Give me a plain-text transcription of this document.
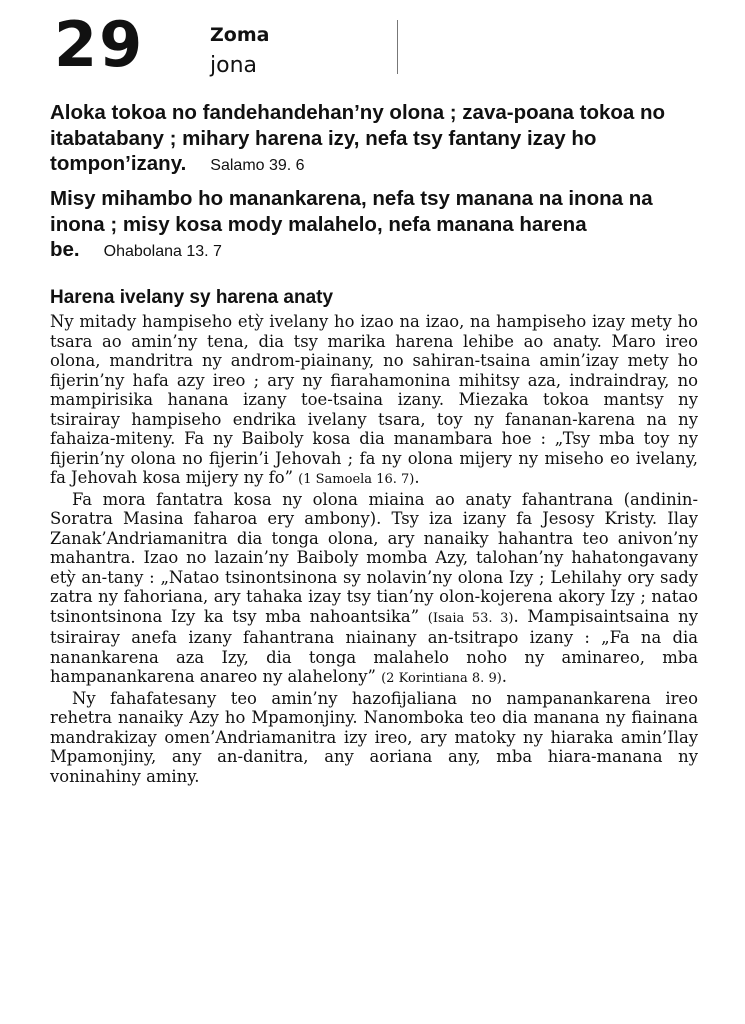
29	Zoma
jona

Aloka tokoa no fandehandehan’ny olona ; zava-poana tokoa no itabatabany ; mihary harena izy, nefa tsy fantany izay ho tompon’izany. Salamo 39. 6

Misy mihambo ho manankarena, nefa tsy manana na inona na inona ; misy kosa mody malahelo, nefa manana harena be. Ohabolana 13. 7

Harena ivelany sy harena anaty

Ny mitady hampiseho etỳ ivelany ho izao na izao, na hampiseho izay mety ho tsara ao amin’ny tena, dia tsy marika harena lehibe ao anaty. Maro ireo olona, mandritra ny androm-piainany, no sahiran-tsaina amin’izay mety ho fijerin’ny hafa azy ireo ; ary ny fiarahamonina mihitsy aza, indraindray, no mampirisika hanana izany toe-tsaina izany. Miezaka tokoa mantsy ny tsirairay hampiseho endrika ivelany tsara, toy ny fananan-karena na ny fahaiza-miteny. Fa ny Baiboly kosa dia manambara hoe : „Tsy mba toy ny fijerin’ny olona no fijerin’i Jehovah ; fa ny olona mijery ny miseho eo ivelany, fa Jehovah kosa mijery ny fo” (1 Samoela 16. 7).

Fa mora fantatra kosa ny olona miaina ao anaty fahantrana (andinin-Soratra Masina faharoa ery ambony). Tsy iza izany fa Jesosy Kristy. Ilay Zanak’Andriamanitra dia tonga olona, ary nanaiky hahantra teo anivon’ny mahantra. Izao no lazain’ny Baiboly momba Azy, talohan’ny hahatongavany etỳ an-tany : „Natao tsinontsinona sy nolavin’ny olona Izy ; Lehilahy ory sady zatra ny fahoriana, ary tahaka izay tsy tian’ny olon-kojerena akory Izy ; natao tsinontsinona Izy ka tsy mba nahoantsika” (Isaia 53. 3). Mampisaintsaina ny tsirairay anefa izany fahantrana niainany an-tsitrapo izany : „Fa na dia nanankarena aza Izy, dia tonga malahelo noho ny aminareo, mba hampanankarena anareo ny alahelony” (2 Korintiana 8. 9).

Ny fahafatesany teo amin’ny hazofijaliana no nampanankarena ireo rehetra nanaiky Azy ho Mpamonjiny. Nanomboka teo dia manana ny fiainana mandrakizay omen’Andriamanitra izy ireo, ary matoky ny hiaraka amin’Ilay Mpamonjiny, any an-danitra, any aoriana any, mba hiara-manana ny voninahiny aminy.
